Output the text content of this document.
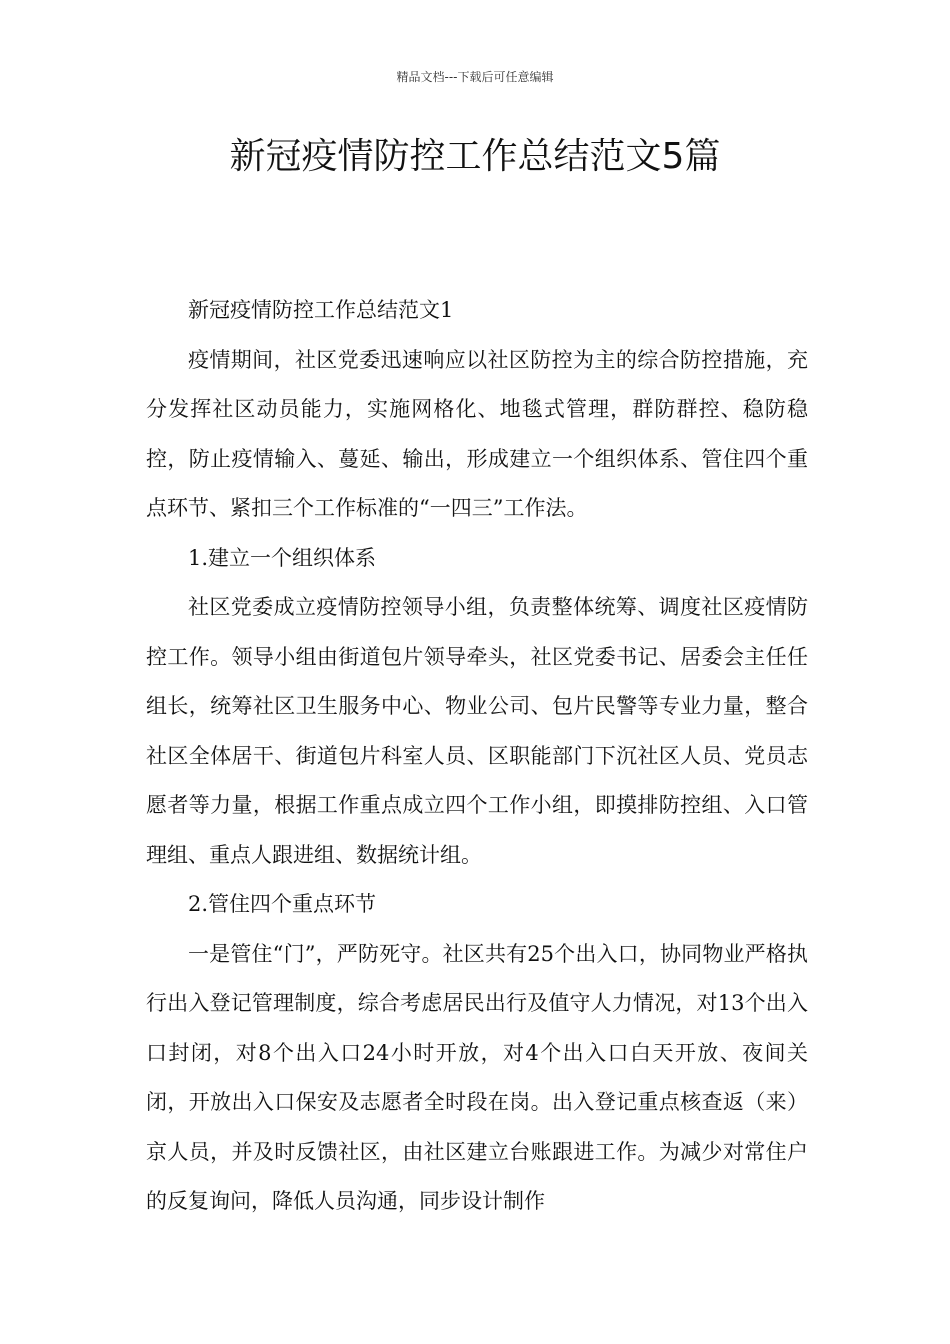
精品文档---下载后可任意编辑
新冠疫情防控工作总结范文5篇

新冠疫情防控工作总结范文1

疫情期间，社区党委迅速响应以社区防控为主的综合防控措施，充分发挥社区动员能力，实施网格化、地毯式管理，群防群控、稳防稳控，防止疫情输入、蔓延、输出，形成建立一个组织体系、管住四个重点环节、紧扣三个工作标准的“一四三”工作法。

1.建立一个组织体系

社区党委成立疫情防控领导小组，负责整体统筹、调度社区疫情防控工作。领导小组由街道包片领导牵头，社区党委书记、居委会主任任组长，统筹社区卫生服务中心、物业公司、包片民警等专业力量，整合社区全体居干、街道包片科室人员、区职能部门下沉社区人员、党员志愿者等力量，根据工作重点成立四个工作小组，即摸排防控组、入口管理组、重点人跟进组、数据统计组。

2.管住四个重点环节

一是管住“门”，严防死守。社区共有25个出入口，协同物业严格执行出入登记管理制度，综合考虑居民出行及值守人力情况，对13个出入口封闭，对8个出入口24小时开放，对4个出入口白天开放、夜间关闭，开放出入口保安及志愿者全时段在岗。出入登记重点核查返（来）京人员，并及时反馈社区，由社区建立台账跟进工作。为减少对常住户的反复询问，降低人员沟通，同步设计制作
